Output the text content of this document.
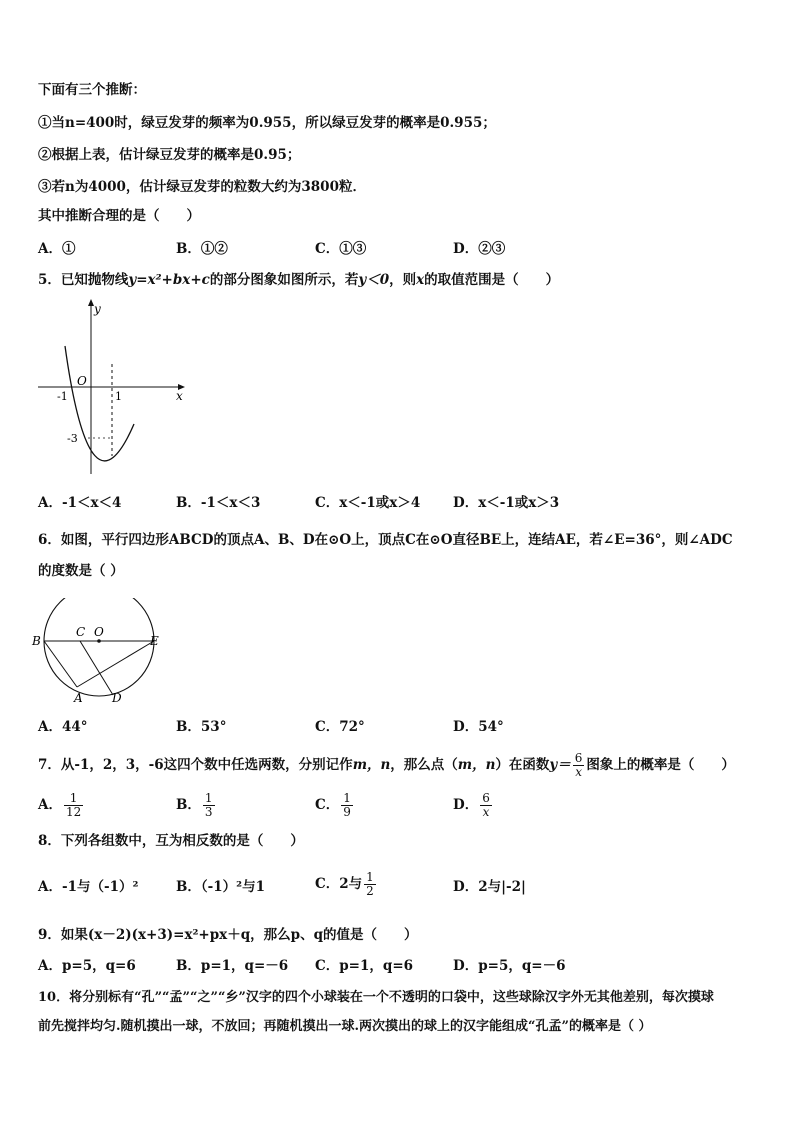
下面有三个推断：
①当n=400时，绿豆发芽的频率为0.955，所以绿豆发芽的概率是0.955；
②根据上表，估计绿豆发芽的概率是0.95；
③若n为4000，估计绿豆发芽的粒数大约为3800粒．
其中推断合理的是（　　）
A．①	B．①②	C．①③	D．②③
5．已知抛物线y=x²+bx+c的部分图象如图所示，若y＜0，则x的取值范围是（　　）
y
x
O
-1	1
-3
A．-1＜x＜4	B．-1＜x＜3	C．x＜-1或x＞4 D．x＜-1或x＞3
6．如图，平行四边形ABCD的顶点A、B、D在⊙O上，顶点C在⊙O直径BE上，连结AE，若∠E=36°，则∠ADC
的度数是（ ）
B
C O
E
A D
A．44°	B．53°	C．72°	D．54°
7．从-1，2，3，-6这四个数中任选两数，分别记作m，n，那么点（m，n）在函数$y= \frac{6}{x}$ 图象上的概率是（　　）
A． $\frac{1}{12}$	B． $\frac{1}{3}$	C． $\frac{1}{9}$	D． $\frac{6}{x}$
8．下列各组数中，互为相反数的是（　　）
A．-1与（-1）²	B．（-1）²与1	C．2与 $\frac{1}{2}$	D．2与|-2|
9．如果(x－2)(x+3)=x²+px＋q，那么p、q的值是（　　）
A．p=5，q=6	B．p=1，q=－6 C．p=1，q=6	D．p=5，q=－6
10．将分别标有“孔”“孟”“之”“乡”汉字的四个小球装在一个不透明的口袋中，这些球除汉字外无其他差别，每次摸球
前先搅拌均匀.随机摸出一球，不放回；再随机摸出一球.两次摸出的球上的汉字能组成“孔孟”的概率是（ ）
